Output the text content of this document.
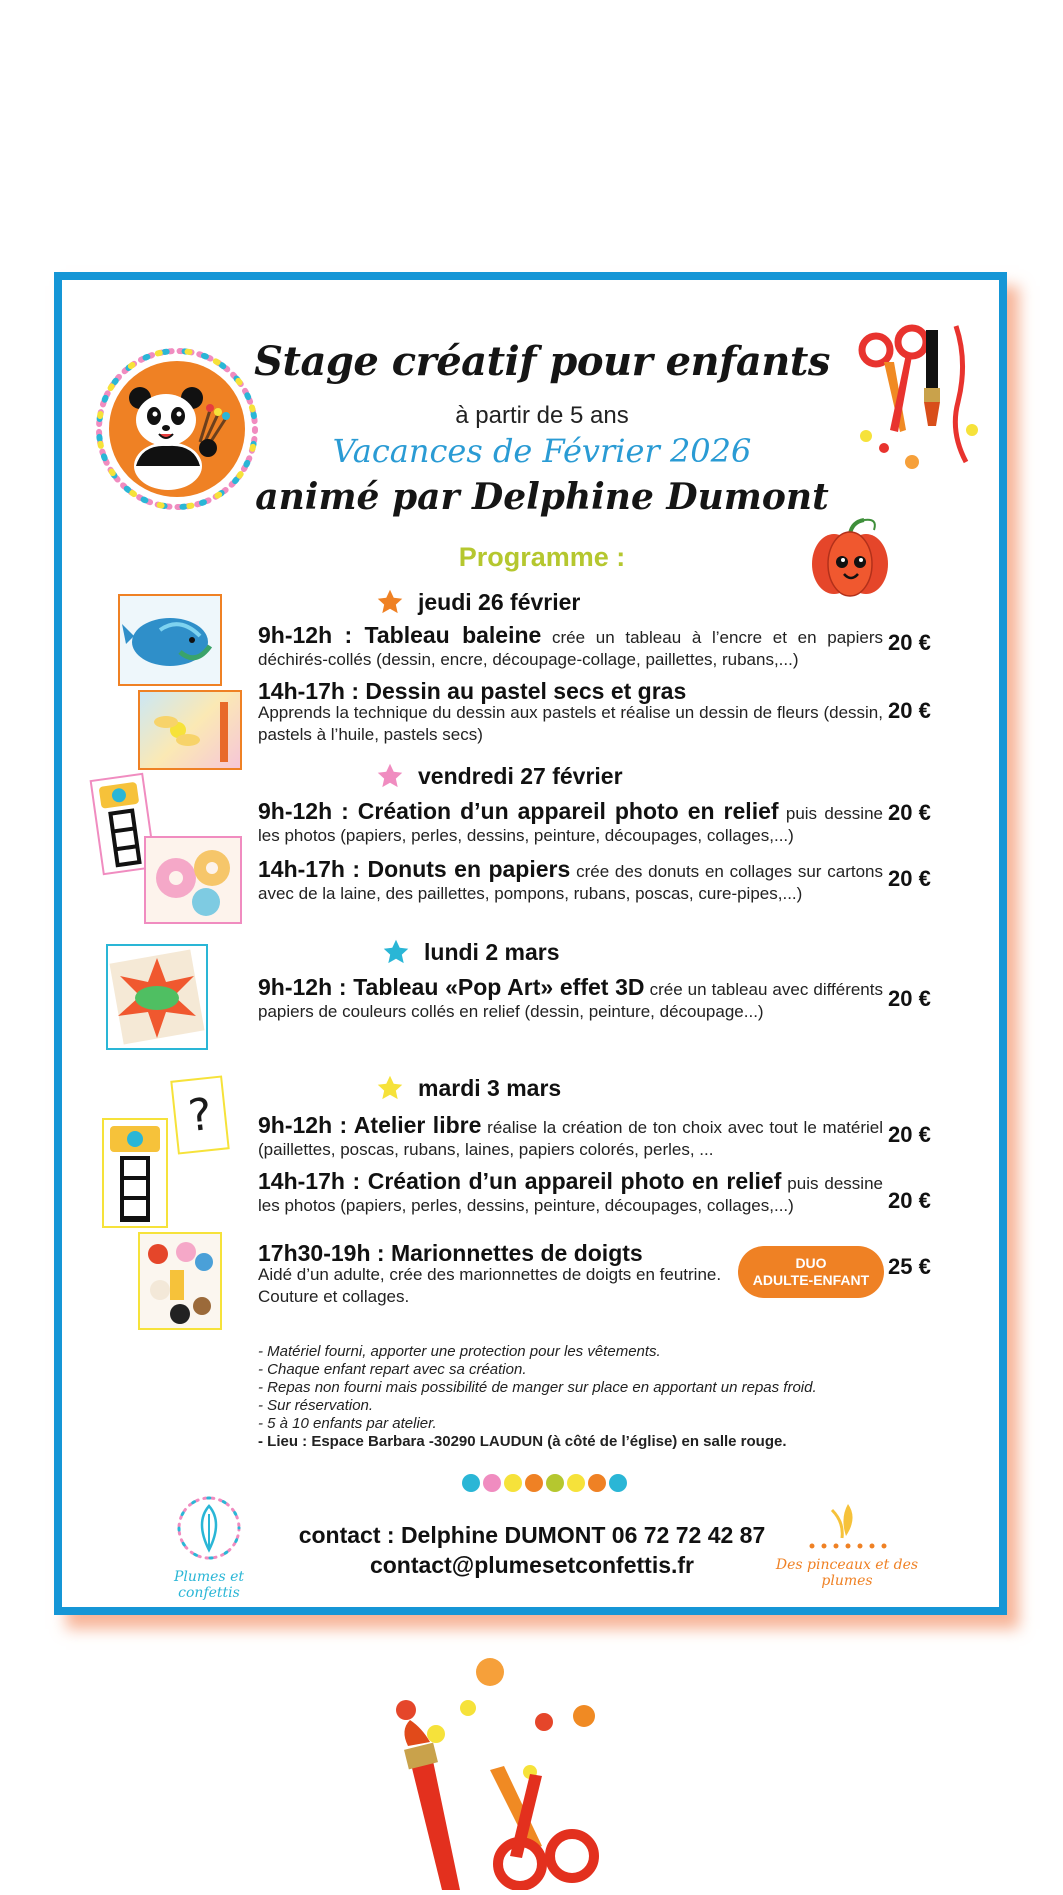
Stage créatif pour enfants
à partir de 5 ans
Vacances de Février 2026
animé par Delphine Dumont
Programme :
jeudi 26 février
vendredi 27 février
lundi 2 mars
mardi 3 mars
9h-12h : Tableau baleine crée un tableau à l’encre et en papiers déchirés-collés (dessin, encre, découpage-collage, paillettes, rubans,...)
20 €
14h-17h : Dessin au pastel secs et gras
Apprends la technique du dessin aux pastels et réalise un dessin de fleurs (dessin, pastels à l’huile, pastels secs)
20 €
9h-12h : Création d’un appareil photo en relief puis dessine les photos (papiers, perles, dessins, peinture, découpages, collages,...)
20 €
14h-17h : Donuts en papiers crée des donuts en collages sur cartons avec de la laine, des paillettes, pompons, rubans, poscas, cure-pipes,...)
20 €
9h-12h : Tableau «Pop Art» effet 3D crée un tableau avec différents papiers de couleurs collés en relief (dessin, peinture, découpage...)
20 €
9h-12h : Atelier libre réalise la création de ton choix avec tout le matériel (paillettes, poscas, rubans, laines, papiers colorés, perles, ...
20 €
14h-17h : Création d’un appareil photo en relief puis dessine les photos (papiers, perles, dessins, peinture, découpages, collages,...)	20 €
17h30-19h : Marionnettes de doigts
Aidé d’un adulte, crée des marionnettes de doigts en feutrine. Couture et collages.
DUO
ADULTE-ENFANT
25 €
?
- Matériel fourni, apporter une protection pour les vêtements.
- Chaque enfant repart avec sa création.
- Repas non fourni mais possibilité de manger sur place en apportant un repas froid.
- Sur réservation.
- 5 à 10 enfants par atelier.
- Lieu : Espace Barbara -30290 LAUDUN (à côté de l’église) en salle rouge.
contact : Delphine DUMONT 06 72 72 42 87
contact@plumesetconfettis.fr
Plumes et confettis
Des pinceaux et des plumes
